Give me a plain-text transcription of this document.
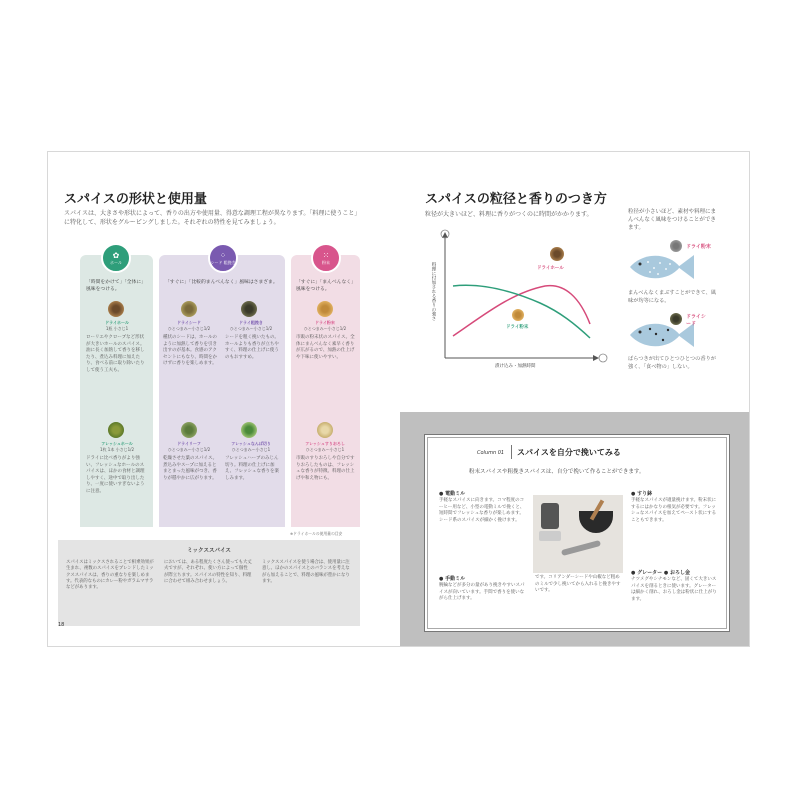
スパイスの形状と使用量
スパイスは、大きさや形状によって、香りの出方や使用量、得意な調理工程が異なります。「料理に使うこと」に特化して、形状をグルーピングしました。それぞれの特性を見てみましょう。
✿
ホール
「時間をかけて」「全体に」風味をつける。
ドライホール
1瓶 小さじ1
ローリエやクローブなど形状が大きいホールのスパイス。油に長く加熱して香りを移したり、煮込み料理に加えたり、食べる前に取り除いたりして使う工夫も。
フレッシュホール
1枚 1本 小さじ1/2
ドライに比べ香りがより強い、フレッシュなホールのスパイスは、ほかの食材と調理しやすく、途中で取り出したり、一度に使いすぎないように注意。
⁘
シード 粗挽き
「すぐに」「比較的まんべんなく」風味はさまざま。
ドライシード
ひとつまみ〜小さじ1/2
ドライ粗挽き
ひとつまみ〜小さじ1/2
種状のシードは、ホールのように加熱して香りを引き出すのが基本。食感のアクセントにもなり、時間をかけずに香りを楽しめます。
シードを粗く挽いたもの。ホールよりも香りが立ちやすく、料理の仕上げに使うのもおすすめ。
ドライリーフ
ひとつまみ〜小さじ1/2
フレッシュなんぱ切り
ひとつまみ〜小さじ1
乾燥させた葉のスパイス。煮込みやスープに加えるとまとまった風味がつき、香りが穏やかに広がります。
フレッシュハーブのみじん切り。料理の仕上げに加え、フレッシュな香りを楽しみます。
⁙
粉末
「すぐに」「まんべんなく」風味をつける。
ドライ粉末
ひとつまみ〜小さじ1/2
市販の粉末状のスパイス。全体にまんべんなく素早く香りが広がるので、加熱の仕上げや下味に使いやすい。
フレッシュすりおろし
ひとつまみ〜小さじ1
市販のすりおろしや自分ですりおろしたものは、フレッシュな香りが特徴。料理の仕上げや和え物にも。
※ドライホールの使用量の目安
ミックススパイス
スパイスはミックスされることで相乗効果が生まれ、複数のスパイスをブレンドしたミックススパイスは、香りの重なりを楽しめます。代表的なものにカレー粉やガラムマサラなどがあります。
においては、ある程度たくさん使っても大丈夫ですが、それぞれ、使い方によって個性が際立ちます。スパイスの特性を知り、料理に合わせて組み合わせましょう。
ミックススパイスを使う場合は、使用量に注意し、ほかのスパイスとのバランスを考えながら加えることで、料理の風味が豊かになります。
18
スパイスの粒径と香りのつき方
粒径が大きいほど、料理に香りがつくのに時間がかかります。
料理に付加される香りの強さ
漬け込み・加熱時間
ドライホール
ドライ粉末
粒径が小さいほど、素材や料理にまんべんなく風味をつけることができます。
ドライ粉末
まんべんなくまぶすことができて、風味が均等になる。
ドライシード
ばらつきが出てひとつひとつの香りが強く、「食べ物の」しない。
Column 01 スパイスを自分で挽いてみる
粉末スパイスや粗挽きスパイスは、自分で挽いて作ることができます。
● 電動ミル
手軽なスパイスに向きます。コマ程度のコーヒー用など、小型の電動ミルで挽くと、短時間でフレッシュな香りが楽しめます。シード系のスパイスが細かく挽けます。
● すり鉢
手軽なスパイスが適量挽けます。粉末状にするにはかなりの根気が必要です。フレッシュなスパイスを加えてペースト状にすることもできます。
● 手動ミル
腕輪などが多分の量があり挽きやすいスパイスが向いています。手間で香りを使いながら仕上げます。
です。コリアンダーシードや山椒など粗めのミルで少し挽いてから入れると挽きやすいです。
● グレーター ● おろし金
ナツメグやシナモンなど、固くて大きいスパイスを削るときに使います。グレーターは細かく削れ、おろし金は粉状に仕上がります。
